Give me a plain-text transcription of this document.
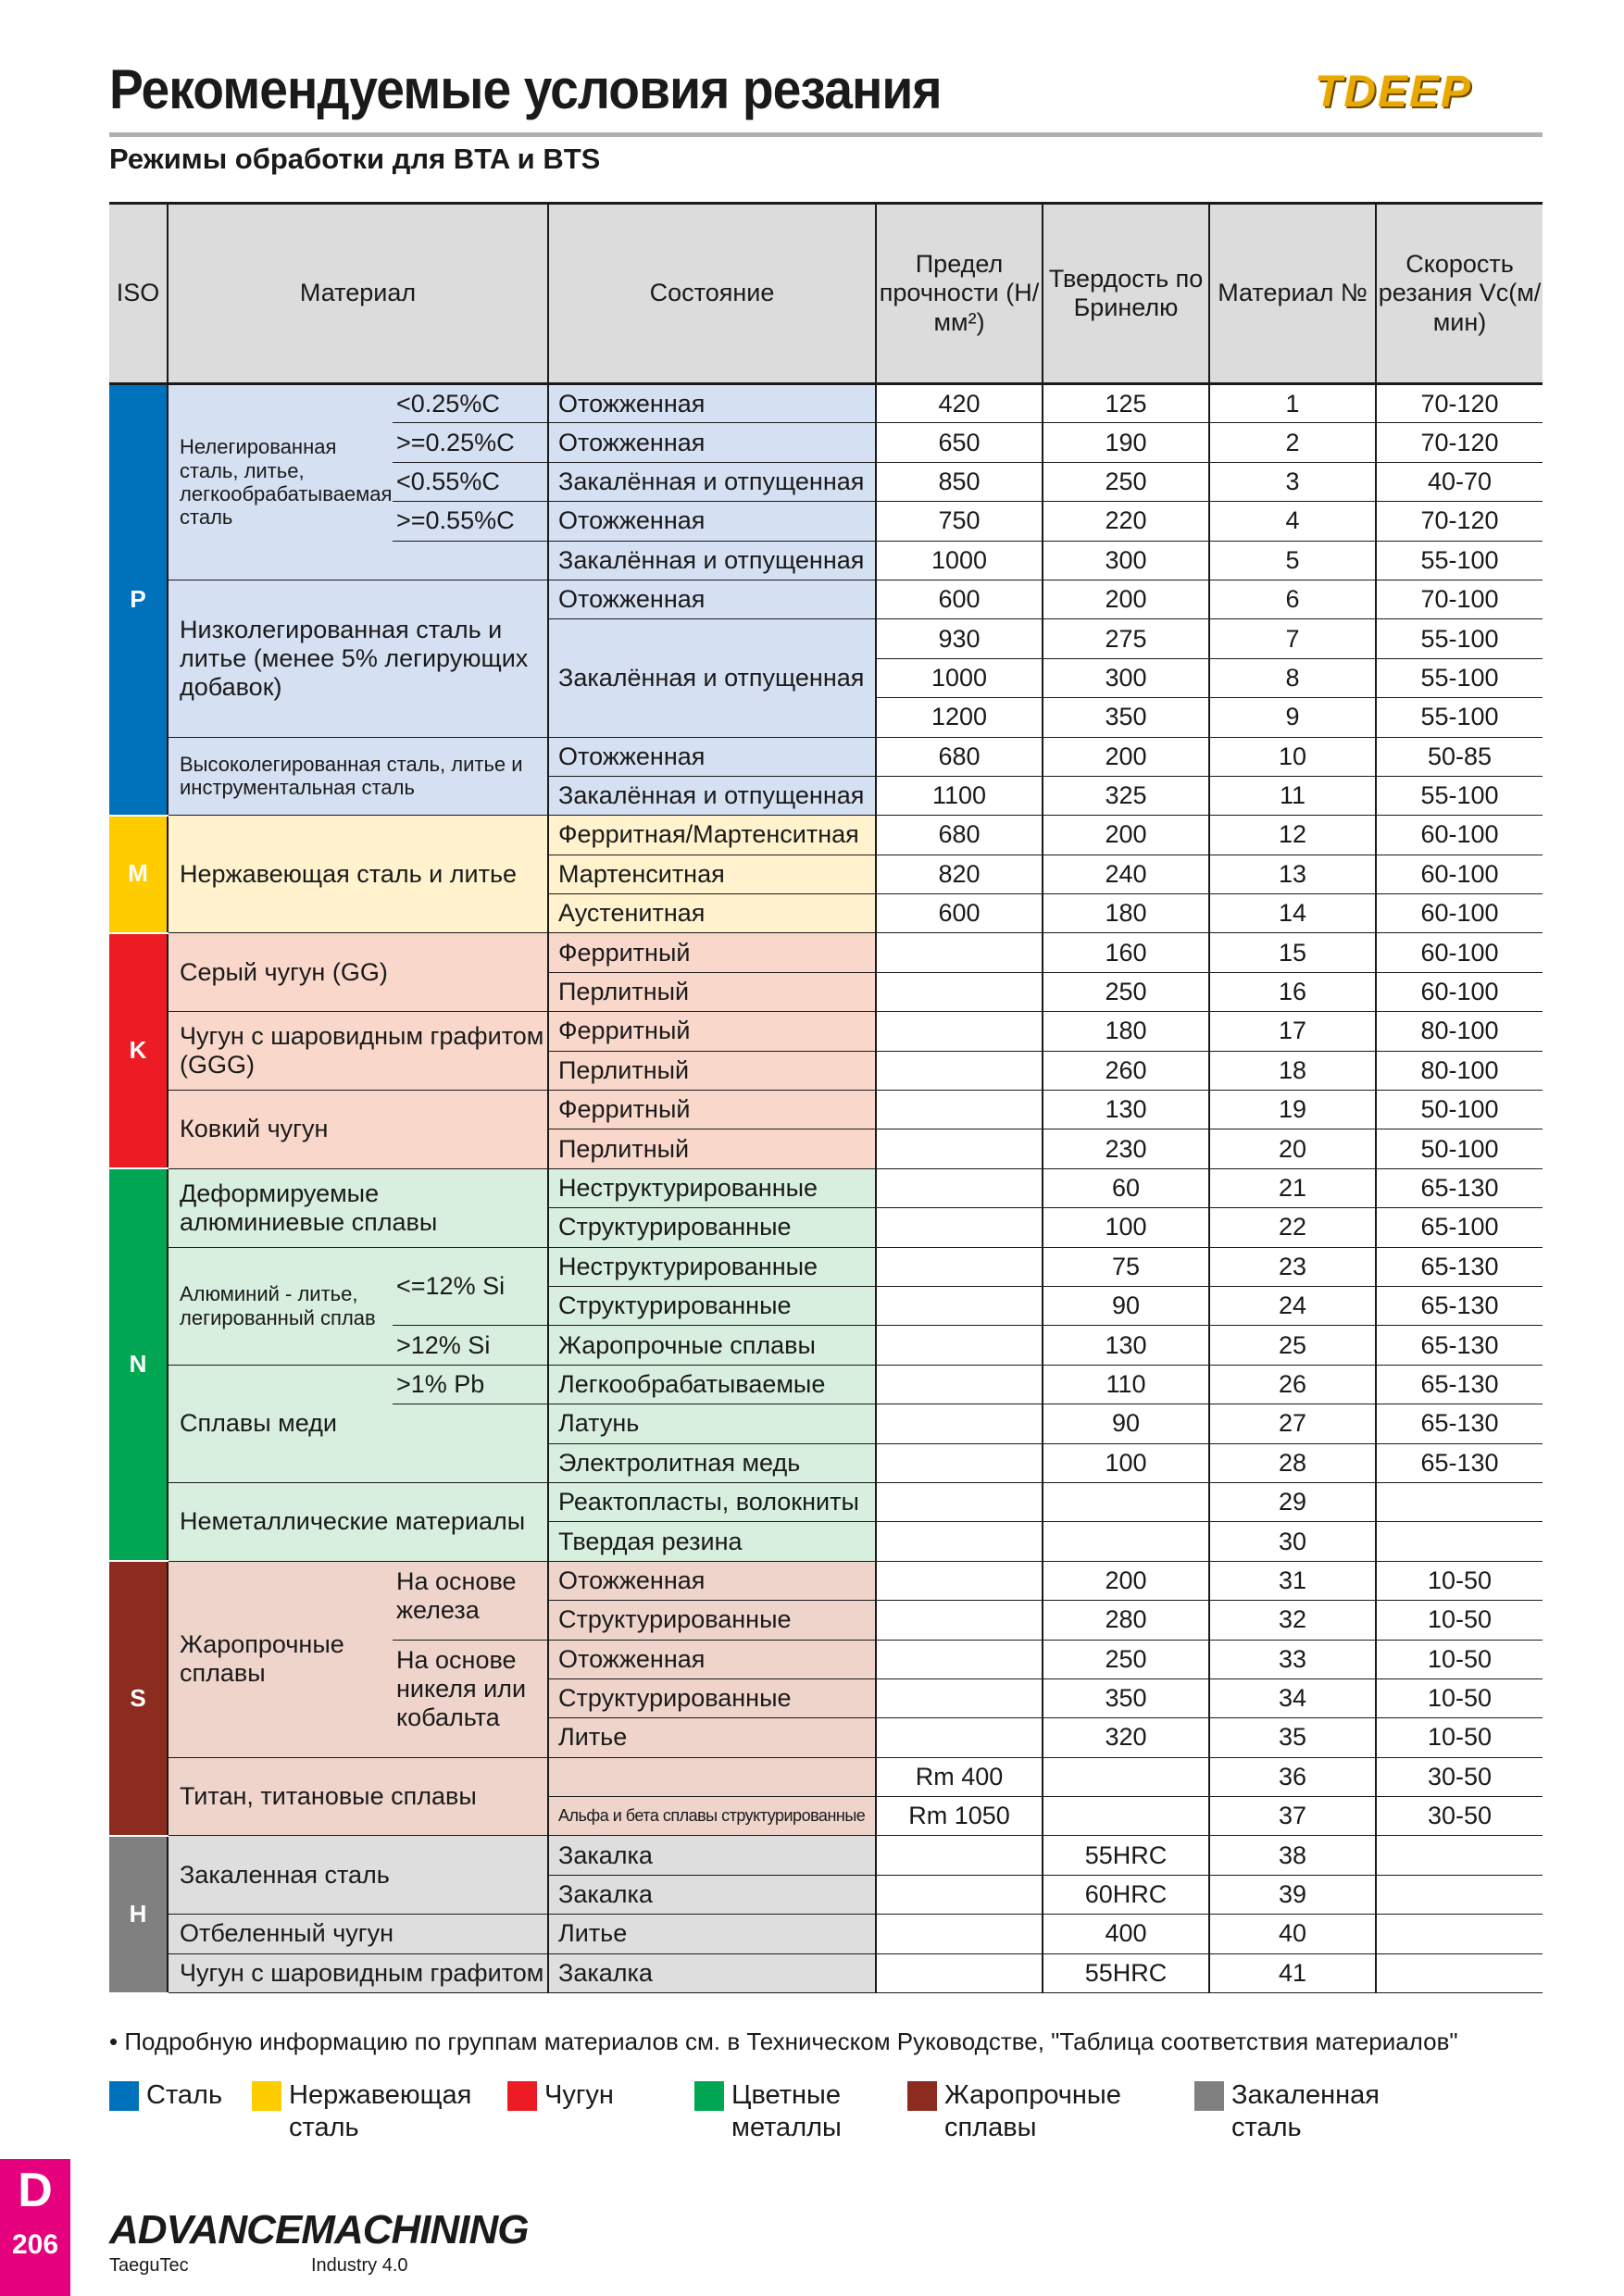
Рекомендуемые условия резания	TDEEP
Режимы обработки для BTA и BTS
ISO	Материал		Состояние	Предел прочности (Н/мм²)	Твердость по Бринелю	Материал №	Скорость резания Vc(м/мин)
P	Нелегированная сталь, литье, легкообрабатываемая сталь	<0.25%C	Отожженная	420	125	1	70-120
		>=0.25%C	Отожженная	650	190	2	70-120
		<0.55%C	Закалённая и отпущенная	850	250	3	40-70
		>=0.55%C	Отожженная	750	220	4	70-120
			Закалённая и отпущенная	1000	300	5	55-100
	Низколегированная сталь и литье (менее 5% легирующих добавок)		Отожженная	600	200	6	70-100
			Закалённая и отпущенная	930	275	7	55-100
				1000	300	8	55-100
				1200	350	9	55-100
	Высоколегированная сталь, литье и инструментальная сталь		Отожженная	680	200	10	50-85
			Закалённая и отпущенная	1100	325	11	55-100
M	Нержавеющая сталь и литье		Ферритная/Мартенситная	680	200	12	60-100
			Мартенситная	820	240	13	60-100
			Аустенитная	600	180	14	60-100
K	Серый чугун (GG)		Ферритный		160	15	60-100
			Перлитный		250	16	60-100
	Чугун с шаровидным графитом (GGG)		Ферритный		180	17	80-100
			Перлитный		260	18	80-100
	Ковкий чугун		Ферритный		130	19	50-100
			Перлитный		230	20	50-100
N	Деформируемые алюминиевые сплавы		Неструктурированные		60	21	65-130
			Структурированные		100	22	65-100
	Алюминий - литье, легированный сплав	<=12% Si	Неструктурированные		75	23	65-130
			Структурированные		90	24	65-130
		>12% Si	Жаропрочные сплавы		130	25	65-130
	Сплавы меди	>1% Pb	Легкообрабатываемые		110	26	65-130
			Латунь		90	27	65-130
			Электролитная медь		100	28	65-130
	Неметаллические материалы		Реактопласты, волокниты			29	
			Твердая резина			30	
S	Жаропрочные сплавы	На основе железа	Отожженная		200	31	10-50
			Структурированные		280	32	10-50
		На основе никеля или кобальта	Отожженная		250	33	10-50
			Структурированные		350	34	10-50
			Литье		320	35	10-50
	Титан, титановые сплавы			Rm 400		36	30-50
			Альфа и бета сплавы структурированные	Rm 1050		37	30-50
H	Закаленная сталь		Закалка		55HRC	38	
			Закалка		60HRC	39	
	Отбеленный чугун		Литье		400	40	
	Чугун с шаровидным графитом		Закалка		55HRC	41	
• Подробную информацию по группам материалов см. в Техническом Руководстве, "Таблица соответствия материалов"
Сталь Нержавеющая сталь
Чугун	Цветные металлы
Жаропрочные сплавы
Закаленная сталь
D
206 ADVANCEMACHINING
TaeguTec	Industry 4.0
